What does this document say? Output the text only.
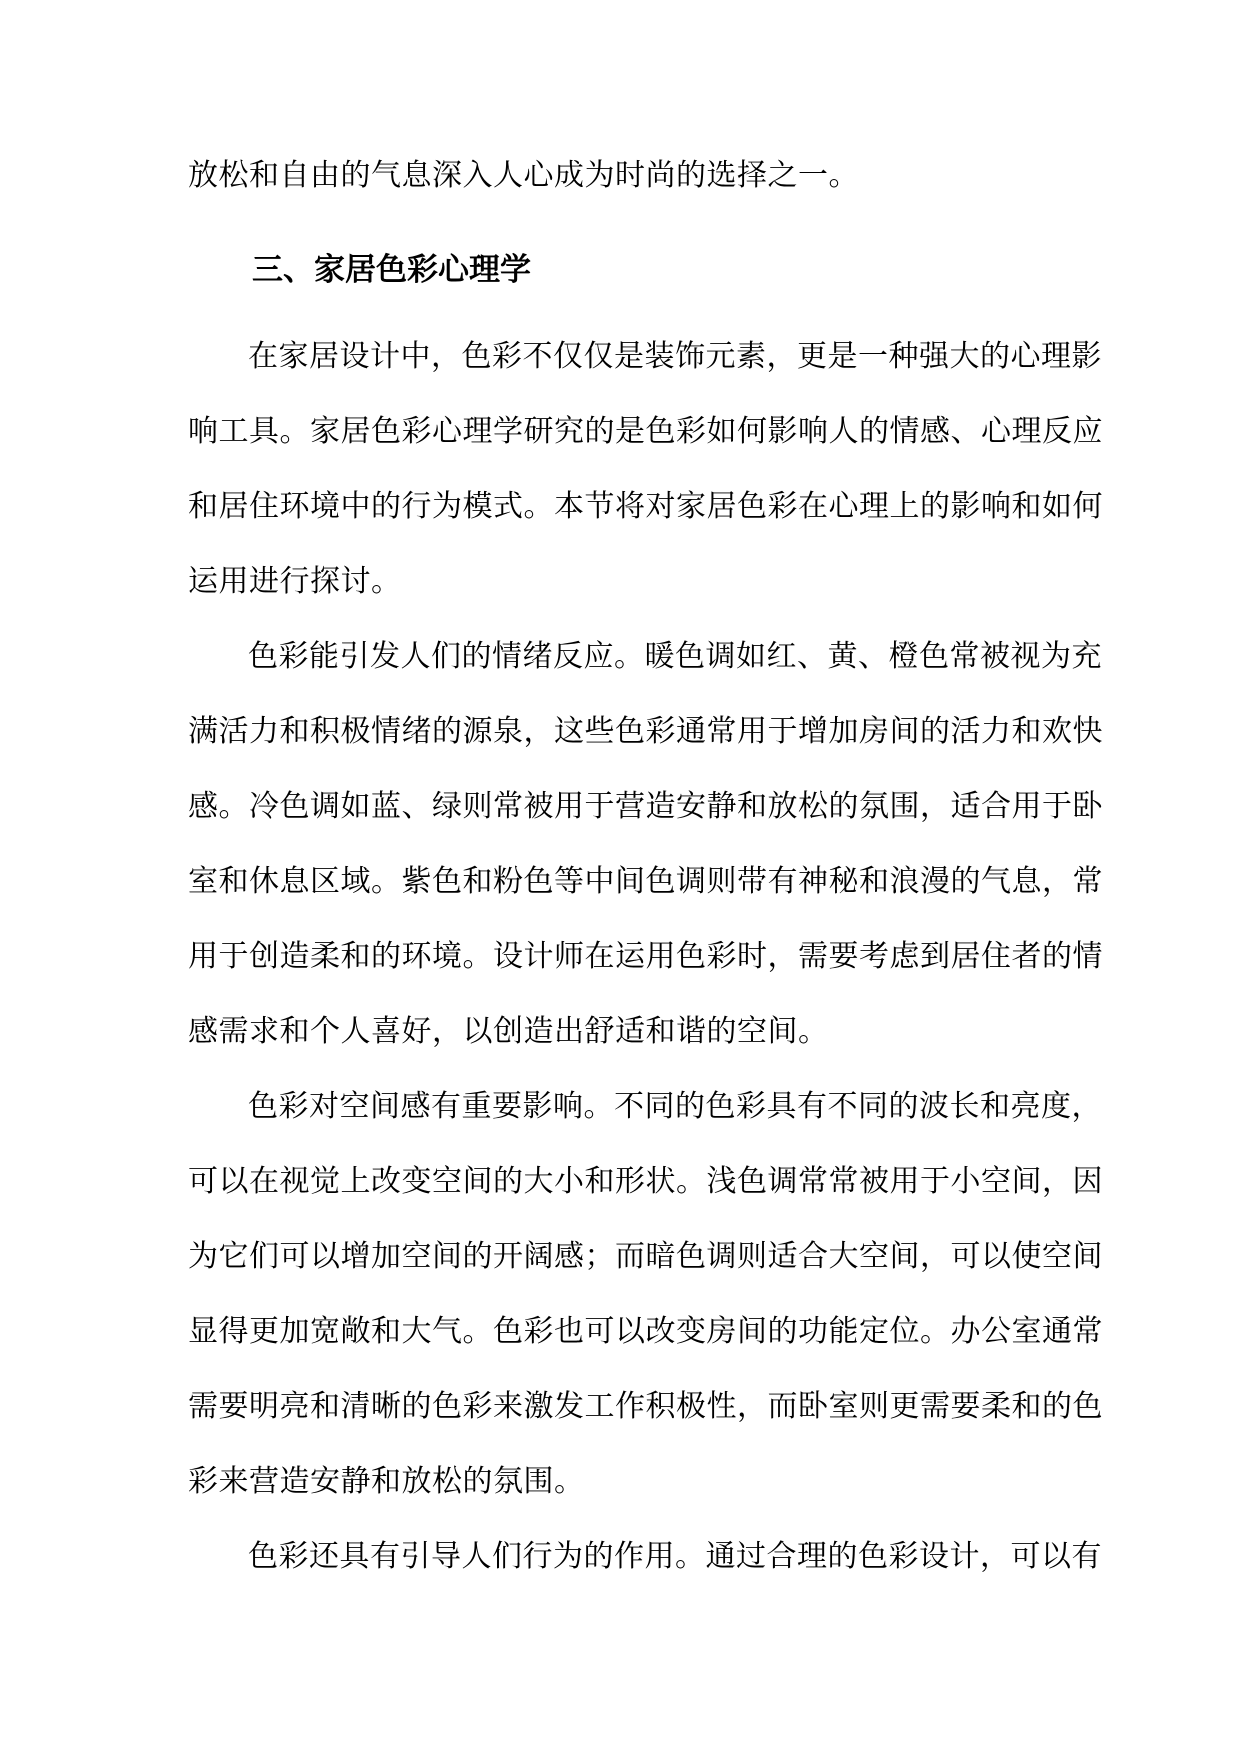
放松和自由的气息深入人心成为时尚的选择之一。
三、家居色彩心理学
在家居设计中，色彩不仅仅是装饰元素，更是一种强大的心理影
响工具。家居色彩心理学研究的是色彩如何影响人的情感、心理反应
和居住环境中的行为模式。本节将对家居色彩在心理上的影响和如何
运用进行探讨。
色彩能引发人们的情绪反应。暖色调如红、黄、橙色常被视为充
满活力和积极情绪的源泉，这些色彩通常用于增加房间的活力和欢快
感。冷色调如蓝、绿则常被用于营造安静和放松的氛围，适合用于卧
室和休息区域。紫色和粉色等中间色调则带有神秘和浪漫的气息，常
用于创造柔和的环境。设计师在运用色彩时，需要考虑到居住者的情
感需求和个人喜好，以创造出舒适和谐的空间。
色彩对空间感有重要影响。不同的色彩具有不同的波长和亮度，
可以在视觉上改变空间的大小和形状。浅色调常常被用于小空间，因
为它们可以增加空间的开阔感；而暗色调则适合大空间，可以使空间
显得更加宽敞和大气。色彩也可以改变房间的功能定位。办公室通常
需要明亮和清晰的色彩来激发工作积极性，而卧室则更需要柔和的色
彩来营造安静和放松的氛围。
色彩还具有引导人们行为的作用。通过合理的色彩设计，可以有
